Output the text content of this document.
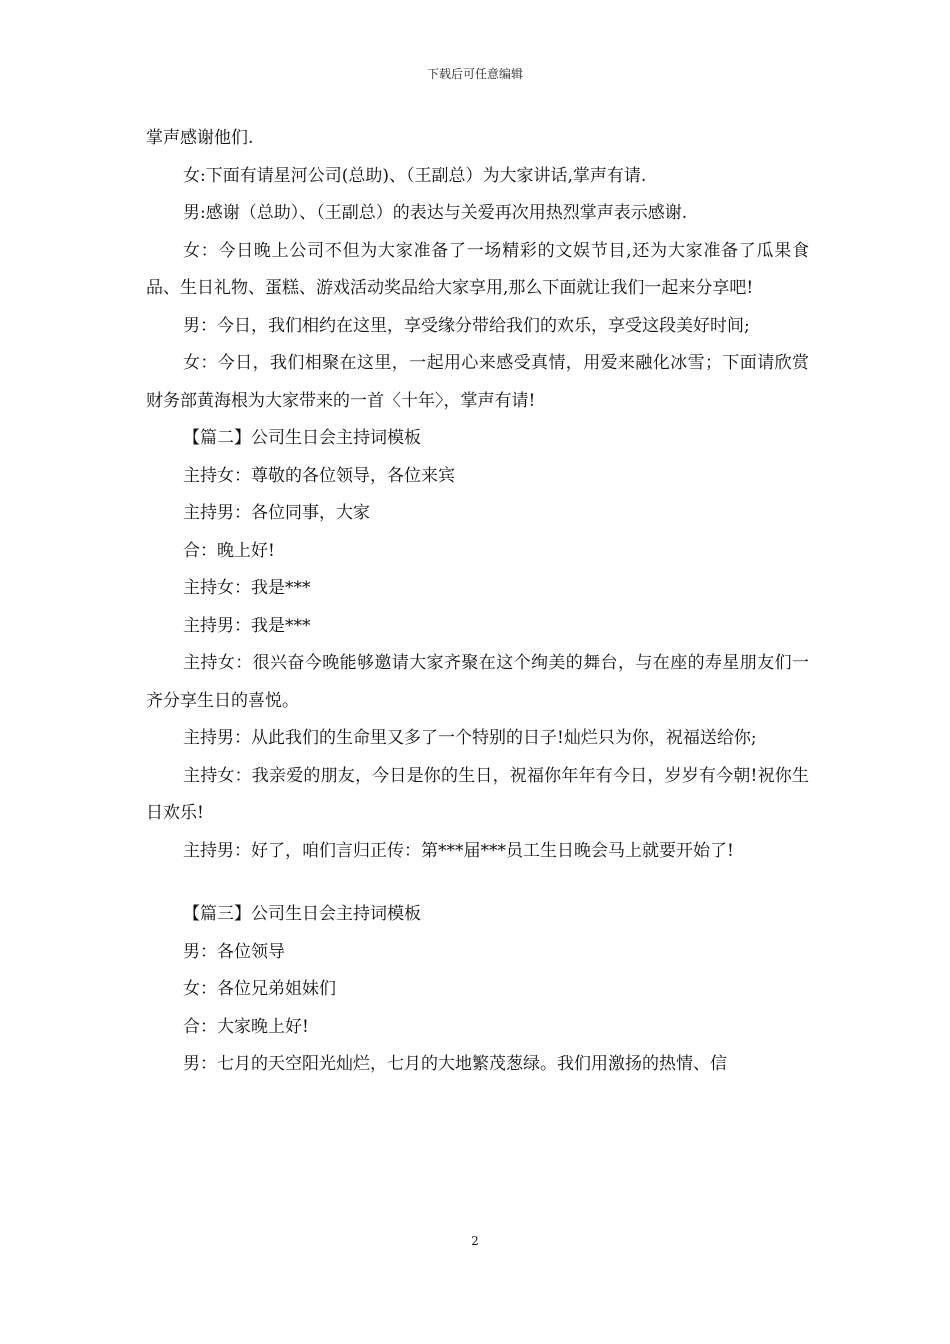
下载后可任意编辑

掌声感谢他们.

女:下面有请星河公司(总助)、（王副总）为大家讲话,掌声有请.

男:感谢（总助）、（王副总）的表达与关爱再次用热烈掌声表示感谢.

女：今日晚上公司不但为大家准备了一场精彩的文娱节目,还为大家准备了瓜果食品、生日礼物、蛋糕、游戏活动奖品给大家享用,那么下面就让我们一起来分享吧!

男：今日，我们相约在这里，享受缘分带给我们的欢乐，享受这段美好时间;

女：今日，我们相聚在这里，一起用心来感受真情，用爱来融化冰雪；下面请欣赏财务部黄海根为大家带来的一首〈十年〉，掌声有请!

【篇二】公司生日会主持词模板

主持女：尊敬的各位领导，各位来宾

主持男：各位同事，大家

合：晚上好!

主持女：我是***

主持男：我是***

主持女：很兴奋今晚能够邀请大家齐聚在这个绚美的舞台，与在座的寿星朋友们一齐分享生日的喜悦。

主持男：从此我们的生命里又多了一个特别的日子!灿烂只为你，祝福送给你;

主持女：我亲爱的朋友，今日是你的生日，祝福你年年有今日，岁岁有今朝!祝你生日欢乐!

主持男：好了，咱们言归正传：第***届***员工生日晚会马上就要开始了!

【篇三】公司生日会主持词模板

男：各位领导

女：各位兄弟姐妹们

合：大家晚上好!

男：七月的天空阳光灿烂，七月的大地繁茂葱绿。我们用激扬的热情、信

2
